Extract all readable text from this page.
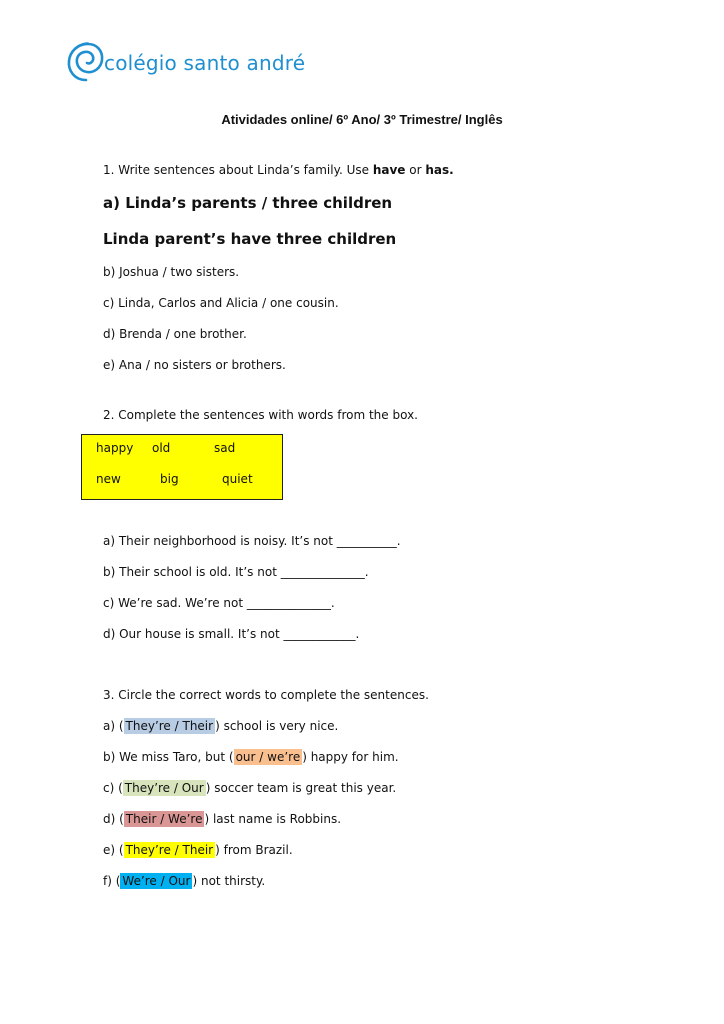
colégio santo andré
Atividades online/ 6º Ano/ 3º Trimestre/ Inglês
1. Write sentences about Linda’s family. Use have or has.
a) Linda’s parents / three children
Linda parent’s have three children
b) Joshua / two sisters.
c) Linda, Carlos and Alicia / one cousin.
d) Brenda / one brother.
e) Ana / no sisters or brothers.
2. Complete the sentences with words from the box.
happy old	sad
new	big	quiet
a) Their neighborhood is noisy. It’s not __________.
b) Their school is old. It’s not ______________.
c) We’re sad. We’re not ______________.
d) Our house is small. It’s not ____________.
3. Circle the correct words to complete the sentences.
a) ( They’re / Their ) school is very nice.
b) We miss Taro, but ( our / we’re ) happy for him.
c) ( They’re / Our ) soccer team is great this year.
d) ( Their / We’re ) last name is Robbins.
e) ( They’re / Their ) from Brazil.
f) ( We’re / Our ) not thirsty.
